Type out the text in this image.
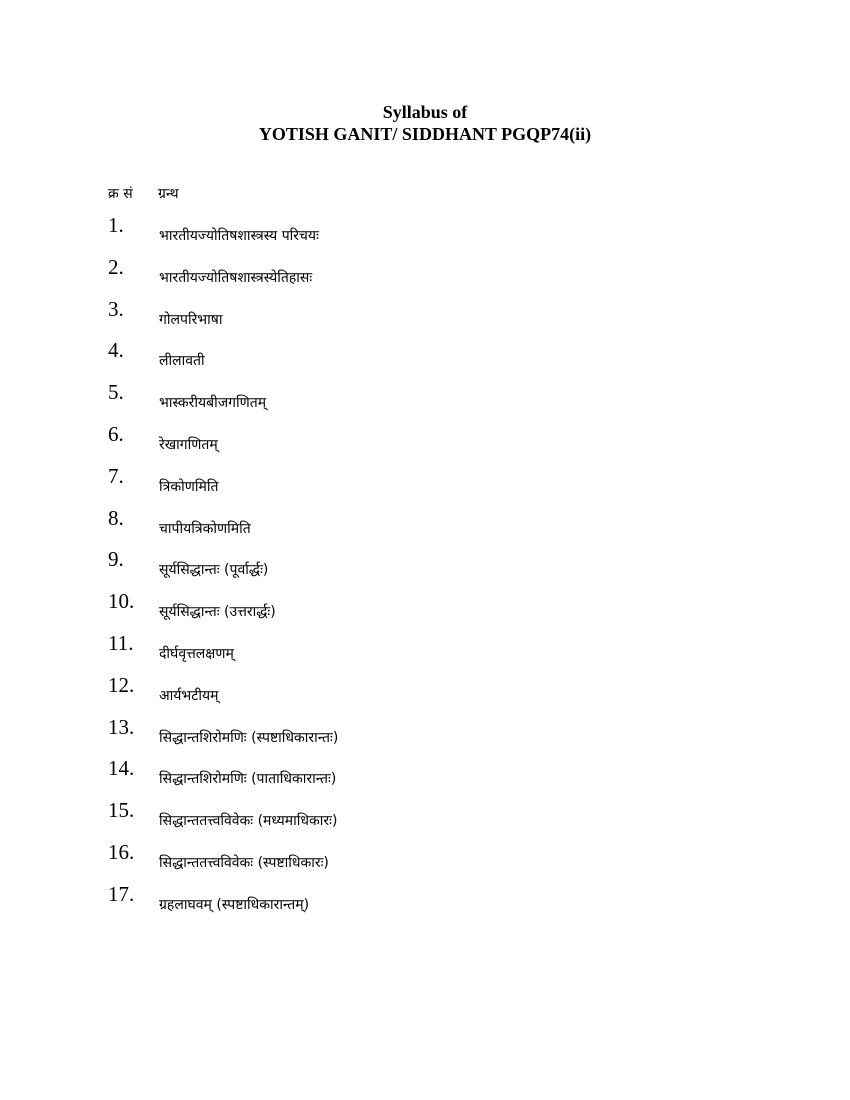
Syllabus of
YOTISH GANIT/ SIDDHANT PGQP74(ii)
क्र सं ग्रन्थ
1.	भारतीयज्योतिषशास्त्रस्य परिचयः
2.	भारतीयज्योतिषशास्त्रस्येतिहासः
3.	गोलपरिभाषा
4.	लीलावती
5.	भास्करीयबीजगणितम्
6.	रेखागणितम्
7.	त्रिकोणमिति
8.	चापीयत्रिकोणमिति
9.	सूर्यसिद्धान्तः (पूर्वार्द्धः)
10. सूर्यसिद्धान्तः (उत्तरार्द्धः)
11. दीर्घवृत्तलक्षणम्
12. आर्यभटीयम्
13. सिद्धान्तशिरोमणिः (स्पष्टाधिकारान्तः)
14. सिद्धान्तशिरोमणिः (पाताधिकारान्तः)
15. सिद्धान्ततत्त्वविवेकः (मध्यमाधिकारः)
16. सिद्धान्ततत्त्वविवेकः (स्पष्टाधिकारः)
17. ग्रहलाघवम् (स्पष्टाधिकारान्तम्)
